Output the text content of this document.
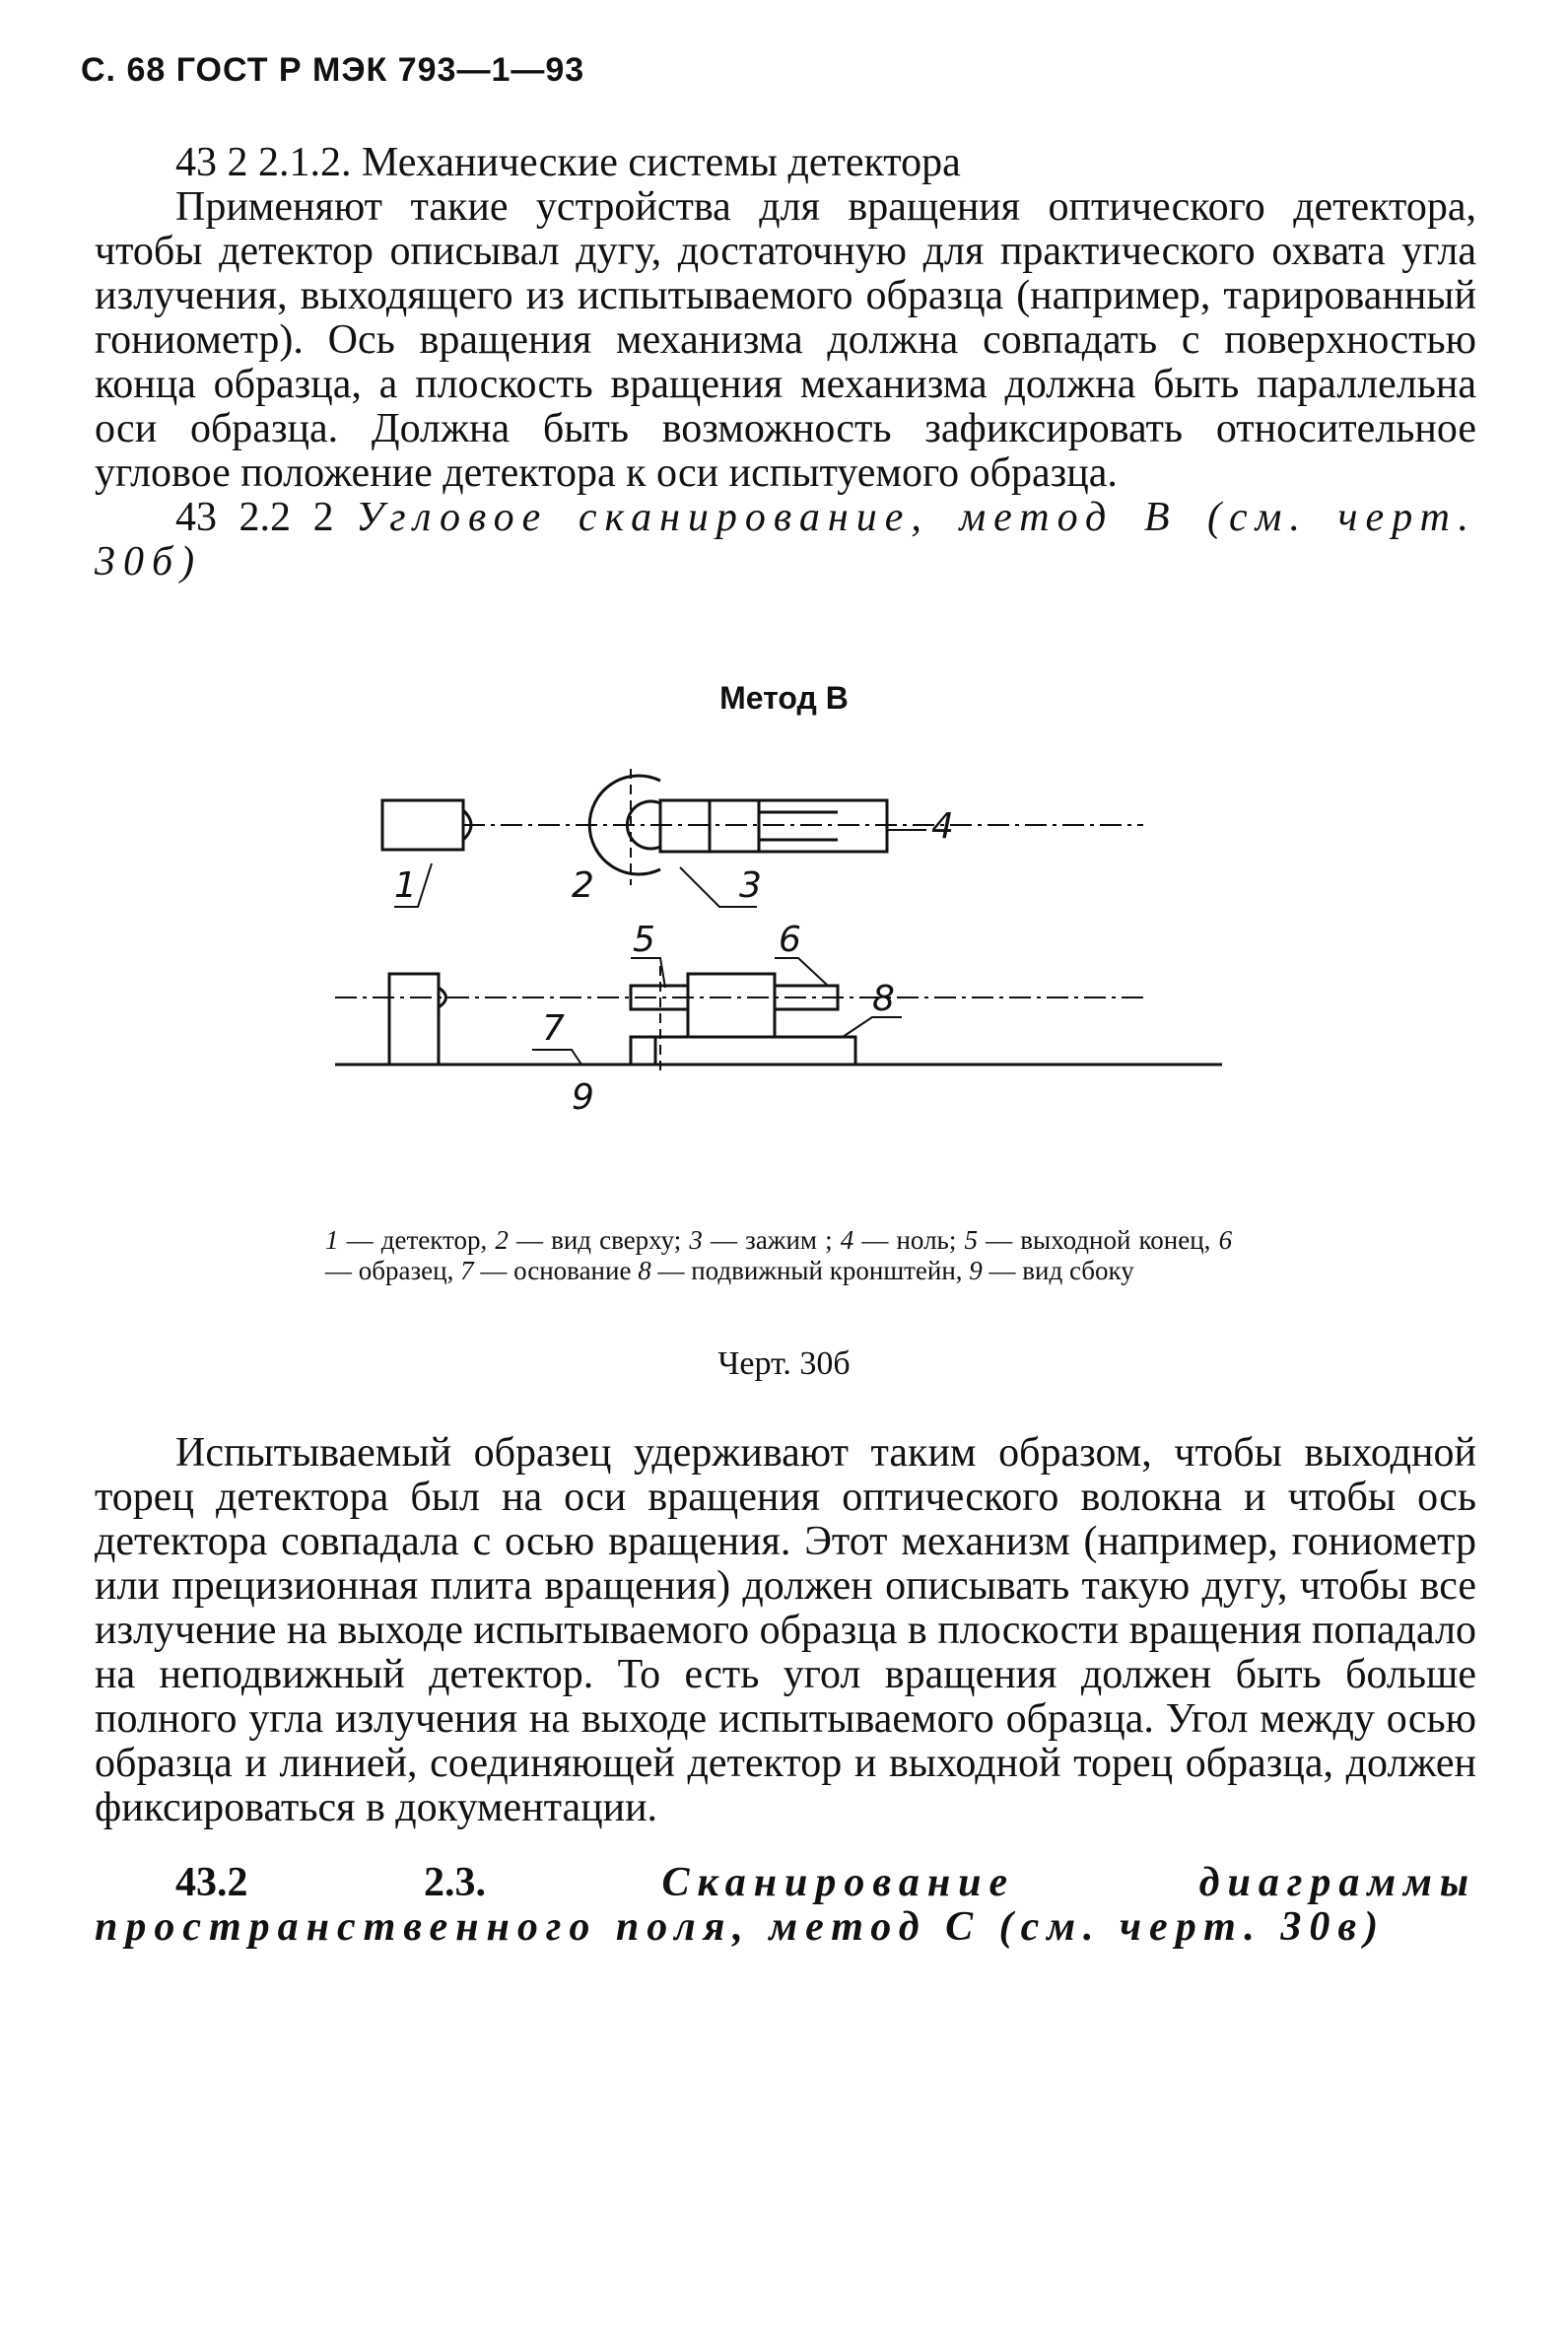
С. 68 ГОСТ Р МЭК 793—1—93

43 2 2.1.2. Механические системы детектора

Применяют такие устройства для вращения оптического детектора, чтобы детектор описывал дугу, достаточную для практического охвата угла излучения, выходящего из испытываемого образца (например, тарированный гониометр). Ось вращения механизма должна совпадать с поверхностью конца образца, а плоскость вращения механизма должна быть параллельна оси образца. Должна быть возможность зафиксировать относительное угловое положение детектора к оси испытуемого образца.

43 2.2 2 Угловое сканирование, метод В (см. черт. 30б)

Метод В
1	2	3
4
5	6
7
8
9
1 — детектор, 2 — вид сверху; 3 — зажим ; 4 — ноль; 5 — выходной конец, 6 — образец, 7 — основание 8 — подвижный кронштейн, 9 — вид сбоку
Черт. 30б

Испытываемый образец удерживают таким образом, чтобы выходной торец детектора был на оси вращения оптического волокна и чтобы ось детектора совпадала с осью вращения. Этот механизм (например, гониометр или прецизионная плита вращения) должен описывать такую дугу, чтобы все излучение на выходе испытываемого образца в плоскости вращения попадало на неподвижный детектор. То есть угол вращения должен быть больше полного угла излучения на выходе испытываемого образца. Угол между осью образца и линией, соединяющей детектор и выходной торец образца, должен фиксироваться в документации.

43.2 2.3.	Сканирование диаграммы пространственного поля, метод С (см. черт. 30в)
